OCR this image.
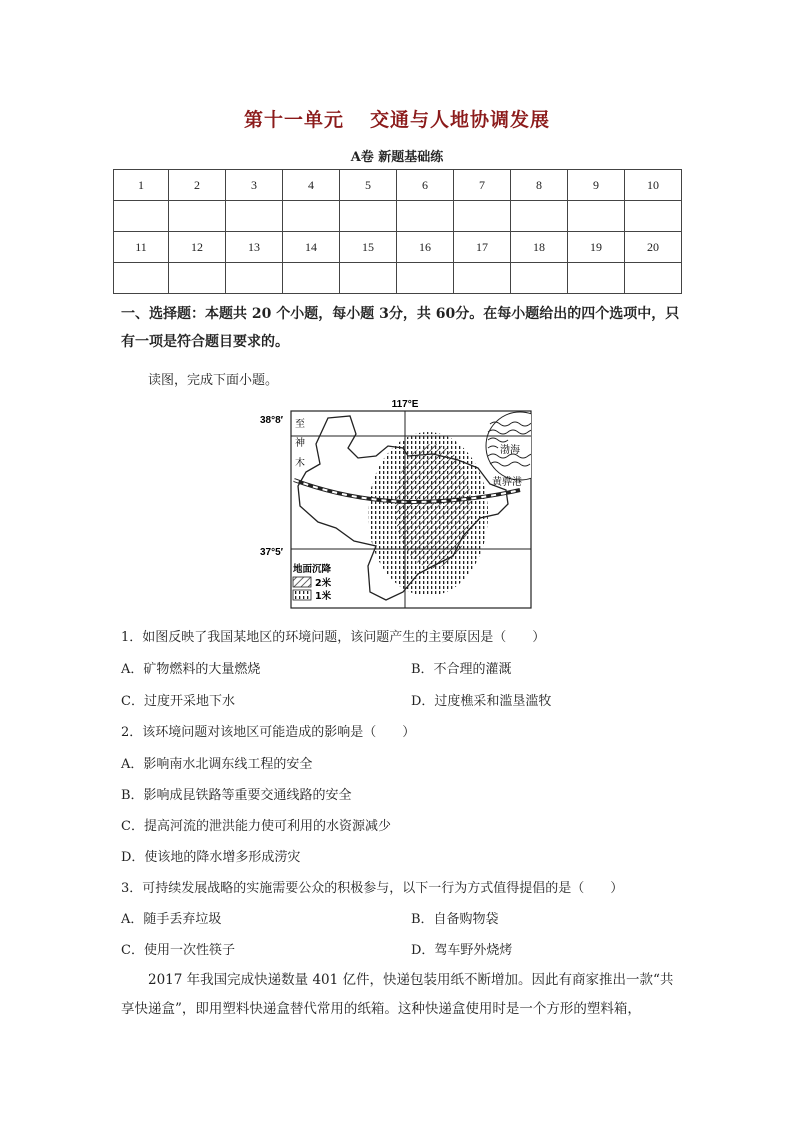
第十一单元 交通与人地协调发展
A卷 新题基础练
1	2	3	4	5	6	7	8	9	10

11	12	13	14	15	16	17	18	19	20

一、选择题：本题共 20 个小题，每小题 3分，共 60分。在每小题给出的四个选项中，只有一项是符合题目要求的。
读图，完成下面小题。
117°E
38°8′
37°5′
至
神
木
渤海
黄骅港
地面沉降
2米
1米
1．如图反映了我国某地区的环境问题，该问题产生的主要原因是（　　）
A．矿物燃料的大量燃烧	B．不合理的灌溉
C．过度开采地下水	D．过度樵采和滥垦滥牧
2．该环境问题对该地区可能造成的影响是（　　）
A．影响南水北调东线工程的安全
B．影响成昆铁路等重要交通线路的安全
C．提高河流的泄洪能力使可利用的水资源减少
D．使该地的降水增多形成涝灾
3．可持续发展战略的实施需要公众的积极参与，以下一行为方式值得提倡的是（　　）
A．随手丢弃垃圾	B．自备购物袋
C．使用一次性筷子	D．驾车野外烧烤
2017 年我国完成快递数量 401 亿件，快递包装用纸不断增加。因此有商家推出一款“共享快递盒”，即用塑料快递盒替代常用的纸箱。这种快递盒使用时是一个方形的塑料箱，
